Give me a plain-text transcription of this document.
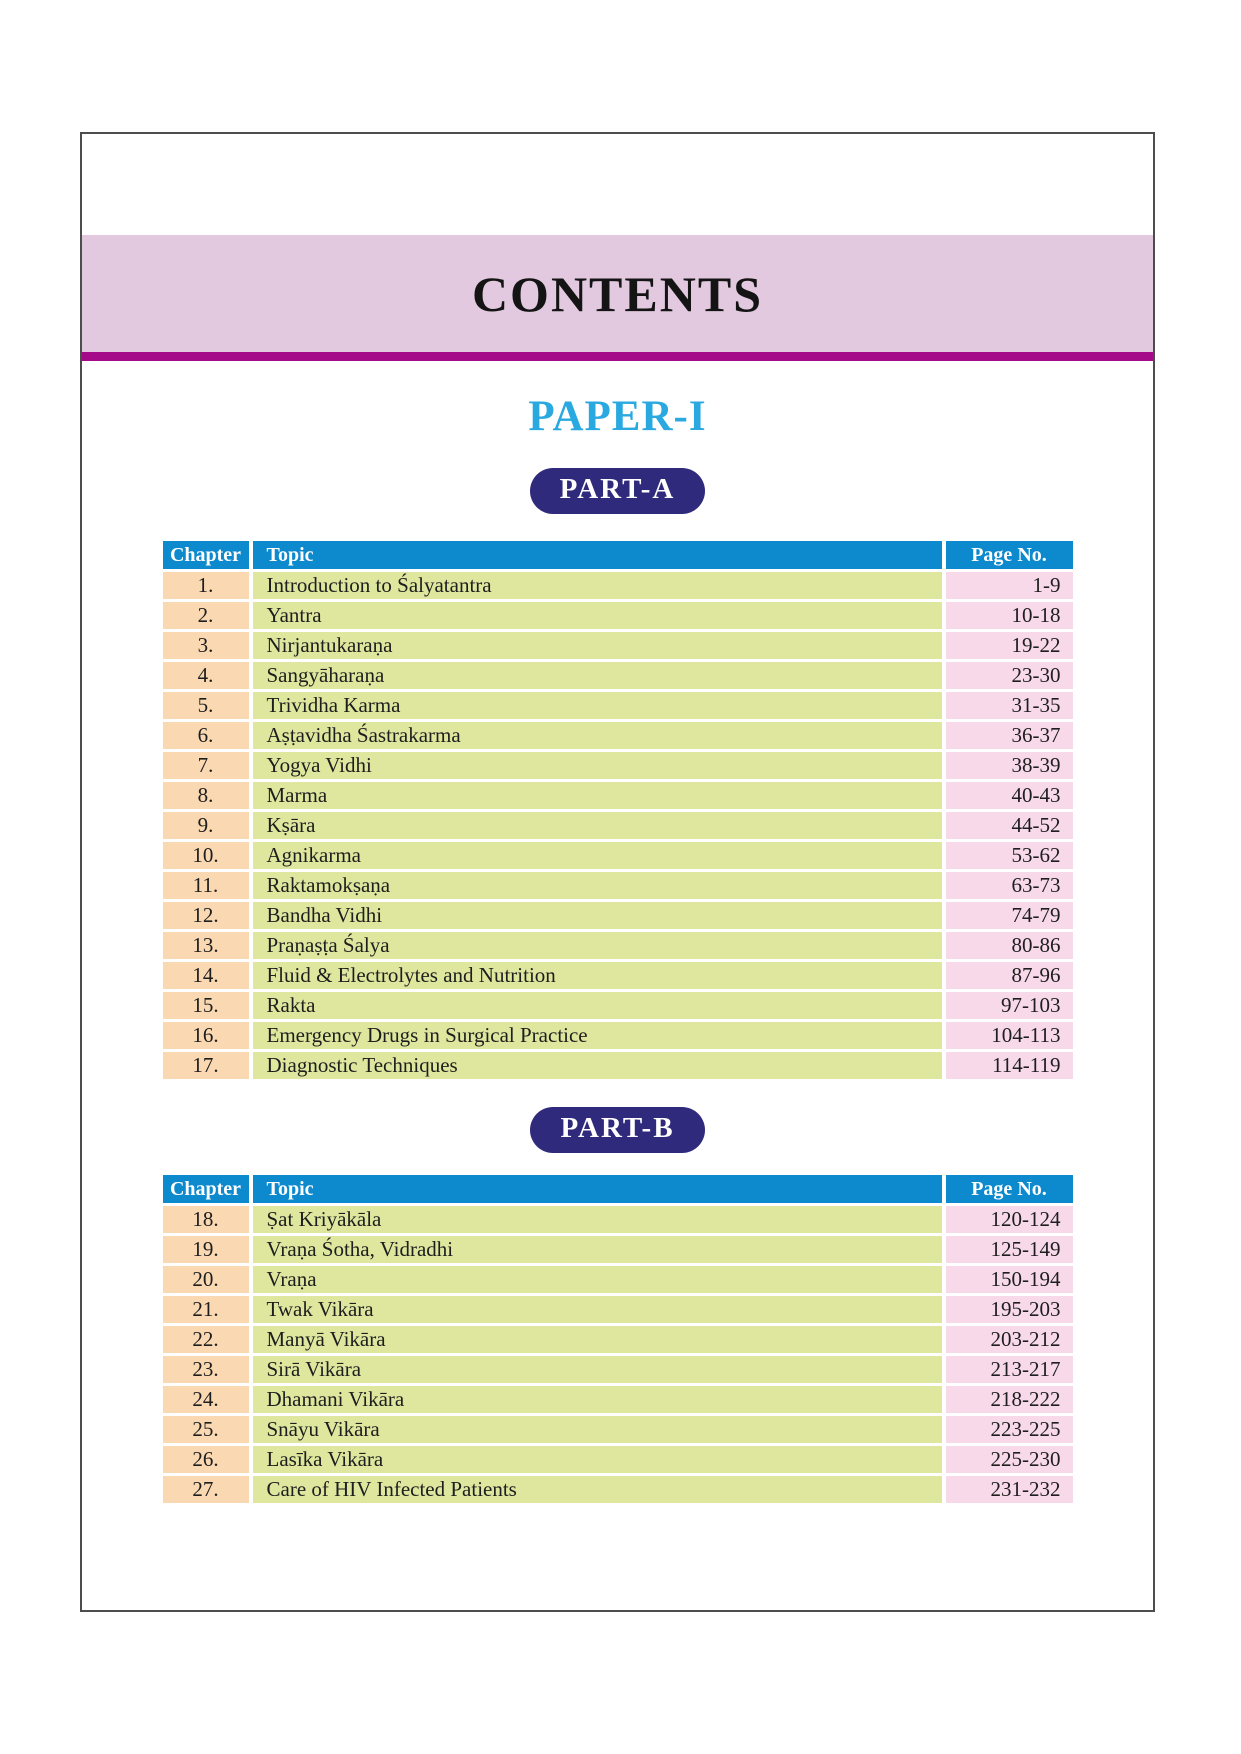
CONTENTS
PAPER-I
PART-A
Chapter	Topic	Page No.
1.	Introduction to Śalyatantra	1-9
2.	Yantra	10-18
3.	Nirjantukaraṇa	19-22
4.	Sangyāharaṇa	23-30
5.	Trividha Karma	31-35
6.	Aṣṭavidha Śastrakarma	36-37
7.	Yogya Vidhi	38-39
8.	Marma	40-43
9.	Kṣāra	44-52
10.	Agnikarma	53-62
11.	Raktamokṣaṇa	63-73
12.	Bandha Vidhi	74-79
13.	Praṇaṣṭa Śalya	80-86
14.	Fluid & Electrolytes and Nutrition	87-96
15.	Rakta	97-103
16.	Emergency Drugs in Surgical Practice	104-113
17.	Diagnostic Techniques	114-119
PART-B
Chapter	Topic	Page No.
18.	Ṣat Kriyākāla	120-124
19.	Vraṇa Śotha, Vidradhi	125-149
20.	Vraṇa	150-194
21.	Twak Vikāra	195-203
22.	Manyā Vikāra	203-212
23.	Sirā Vikāra	213-217
24.	Dhamani Vikāra	218-222
25.	Snāyu Vikāra	223-225
26.	Lasīka Vikāra	225-230
27.	Care of HIV Infected Patients	231-232
